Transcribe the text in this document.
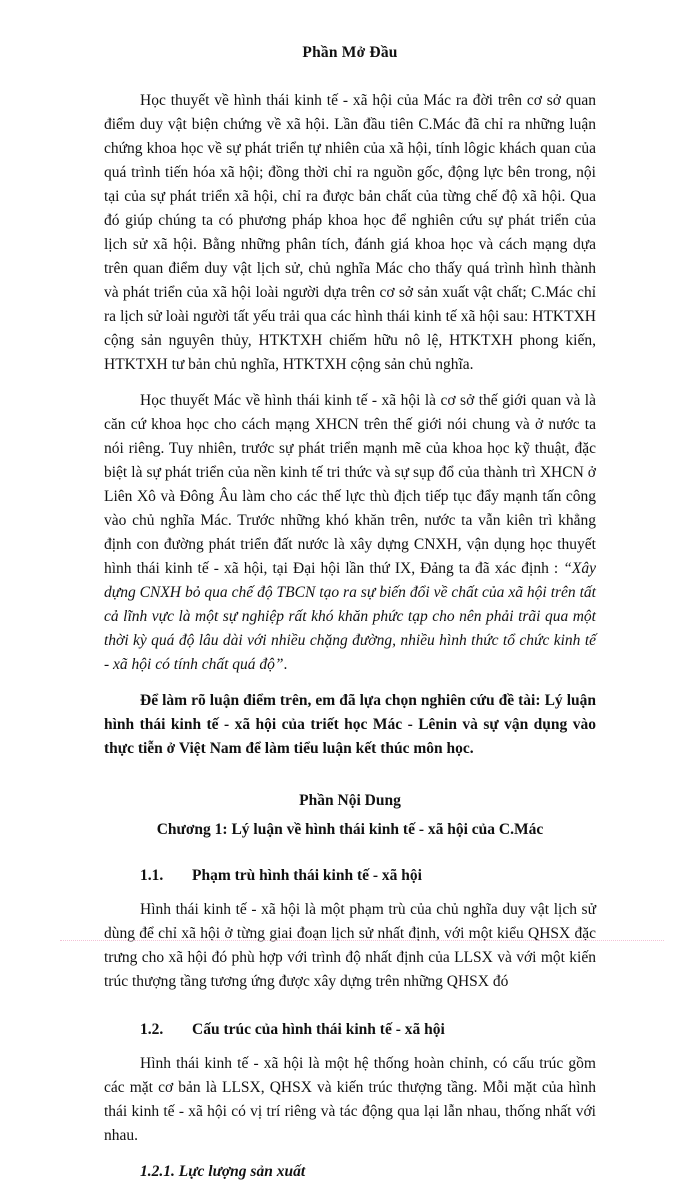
Phần Mở Đầu

Học thuyết về hình thái kinh tế - xã hội của Mác ra đời trên cơ sở quan điểm duy vật biện chứng về xã hội. Lần đầu tiên C.Mác đã chỉ ra những luận chứng khoa học về sự phát triển tự nhiên của xã hội, tính lôgic khách quan của quá trình tiến hóa xã hội; đồng thời chỉ ra nguồn gốc, động lực bên trong, nội tại của sự phát triển xã hội, chỉ ra được bản chất của từng chế độ xã hội. Qua đó giúp chúng ta có phương pháp khoa học để nghiên cứu sự phát triển của lịch sử xã hội. Bằng những phân tích, đánh giá khoa học và cách mạng dựa trên quan điểm duy vật lịch sử, chủ nghĩa Mác cho thấy quá trình hình thành và phát triển của xã hội loài người dựa trên cơ sở sản xuất vật chất; C.Mác chỉ ra lịch sử loài người tất yếu trải qua các hình thái kinh tế xã hội sau: HTKTXH cộng sản nguyên thủy, HTKTXH chiếm hữu nô lệ, HTKTXH phong kiến, HTKTXH tư bản chủ nghĩa, HTKTXH cộng sản chủ nghĩa.

Học thuyết Mác về hình thái kinh tế - xã hội là cơ sở thế giới quan và là căn cứ khoa học cho cách mạng XHCN trên thế giới nói chung và ở nước ta nói riêng. Tuy nhiên, trước sự phát triển mạnh mẽ của khoa học kỹ thuật, đặc biệt là sự phát triển của nền kinh tế tri thức và sự sụp đổ của thành trì XHCN ở Liên Xô và Đông Âu làm cho các thế lực thù địch tiếp tục đẩy mạnh tấn công vào chủ nghĩa Mác. Trước những khó khăn trên, nước ta vẫn kiên trì khẳng định con đường phát triển đất nước là xây dựng CNXH, vận dụng học thuyết hình thái kinh tế - xã hội, tại Đại hội lần thứ IX, Đảng ta đã xác định : “Xây dựng CNXH bỏ qua chế độ TBCN tạo ra sự biến đổi về chất của xã hội trên tất cả lĩnh vực là một sự nghiệp rất khó khăn phức tạp cho nên phải trãi qua một thời kỳ quá độ lâu dài với nhiều chặng đường, nhiều hình thức tổ chức kinh tế - xã hội có tính chất quá độ”.

Để làm rõ luận điểm trên, em đã lựa chọn nghiên cứu đề tài: Lý luận hình thái kinh tế - xã hội của triết học Mác - Lênin và sự vận dụng vào thực tiễn ở Việt Nam để làm tiểu luận kết thúc môn học.

Phần Nội Dung
Chương 1: Lý luận về hình thái kinh tế - xã hội của C.Mác
1.1. Phạm trù hình thái kinh tế - xã hội

Hình thái kinh tế - xã hội là một phạm trù của chủ nghĩa duy vật lịch sử dùng để chỉ xã hội ở từng giai đoạn lịch sử nhất định, với một kiểu QHSX đặc trưng cho xã hội đó phù hợp với trình độ nhất định của LLSX và với một kiến trúc thượng tầng tương ứng được xây dựng trên những QHSX đó

1.2. Cấu trúc của hình thái kinh tế - xã hội

Hình thái kinh tế - xã hội là một hệ thống hoàn chỉnh, có cấu trúc gồm các mặt cơ bản là LLSX, QHSX và kiến trúc thượng tầng. Mỗi mặt của hình thái kinh tế - xã hội có vị trí riêng và tác động qua lại lẫn nhau, thống nhất với nhau.

1.2.1. Lực lượng sản xuất
